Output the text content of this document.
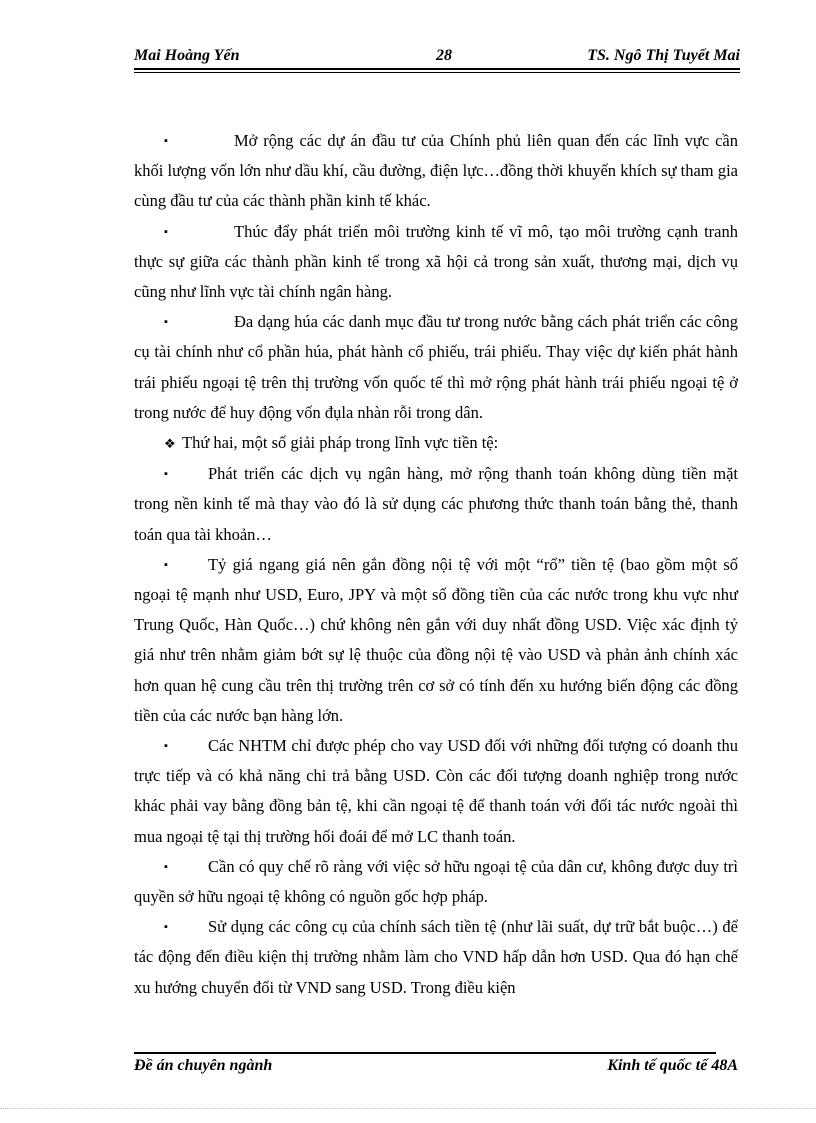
Mai Hoàng Yến	28	TS. Ngô Thị Tuyết Mai

▪	Mở rộng các dự án đầu tư của Chính phủ liên quan đến các lĩnh vực cần khối lượng vốn lớn như dầu khí, cầu đường, điện lực…đồng thời khuyến khích sự tham gia cùng đầu tư của các thành phần kinh tế khác.

▪	Thúc đẩy phát triển môi trường kinh tế vĩ mô, tạo môi trường cạnh tranh thực sự giữa các thành phần kinh tế trong xã hội cả trong sản xuất, thương mại, dịch vụ cũng như lĩnh vực tài chính ngân hàng.

▪	Đa dạng húa các danh mục đầu tư trong nước bằng cách phát triển các công cụ tài chính như cổ phần húa, phát hành cổ phiếu, trái phiếu. Thay việc dự kiến phát hành trái phiếu ngoại tệ trên thị trường vốn quốc tế thì mở rộng phát hành trái phiếu ngoại tệ ở trong nước để huy động vốn đụla nhàn rỗi trong dân.

❖ Thứ hai, một số giải pháp trong lĩnh vực tiền tệ:

▪ Phát triển các dịch vụ ngân hàng, mở rộng thanh toán không dùng tiền mặt trong nền kinh tế mà thay vào đó là sử dụng các phương thức thanh toán bằng thẻ, thanh toán qua tài khoản…

▪ Tỷ giá ngang giá nên gắn đồng nội tệ với một “rổ” tiền tệ (bao gồm một số ngoại tệ mạnh như USD, Euro, JPY và một số đồng tiền của các nước trong khu vực như Trung Quốc, Hàn Quốc…) chứ không nên gắn với duy nhất đồng USD. Việc xác định tỷ giá như trên nhằm giảm bớt sự lệ thuộc của đồng nội tệ vào USD và phản ảnh chính xác hơn quan hệ cung cầu trên thị trường trên cơ sở có tính đến xu hướng biến động các đồng tiền của các nước bạn hàng lớn.

▪ Các NHTM chỉ được phép cho vay USD đối với những đối tượng có doanh thu trực tiếp và có khả năng chi trả bằng USD. Còn các đối tượng doanh nghiệp trong nước khác phải vay bằng đồng bản tệ, khi cần ngoại tệ để thanh toán với đối tác nước ngoài thì mua ngoại tệ tại thị trường hối đoái để mở LC thanh toán.

▪ Cần có quy chế rõ ràng với việc sở hữu ngoại tệ của dân cư, không được duy trì quyền sở hữu ngoại tệ không có nguồn gốc hợp pháp.

▪ Sử dụng các công cụ của chính sách tiền tệ (như lãi suất, dự trữ bắt buộc…) để tác động đến điều kiện thị trường nhằm làm cho VND hấp dẫn hơn USD. Qua đó hạn chế xu hướng chuyển đổi từ VND sang USD. Trong điều kiện

Đề án chuyên ngành	Kinh tế quốc tế 48A
